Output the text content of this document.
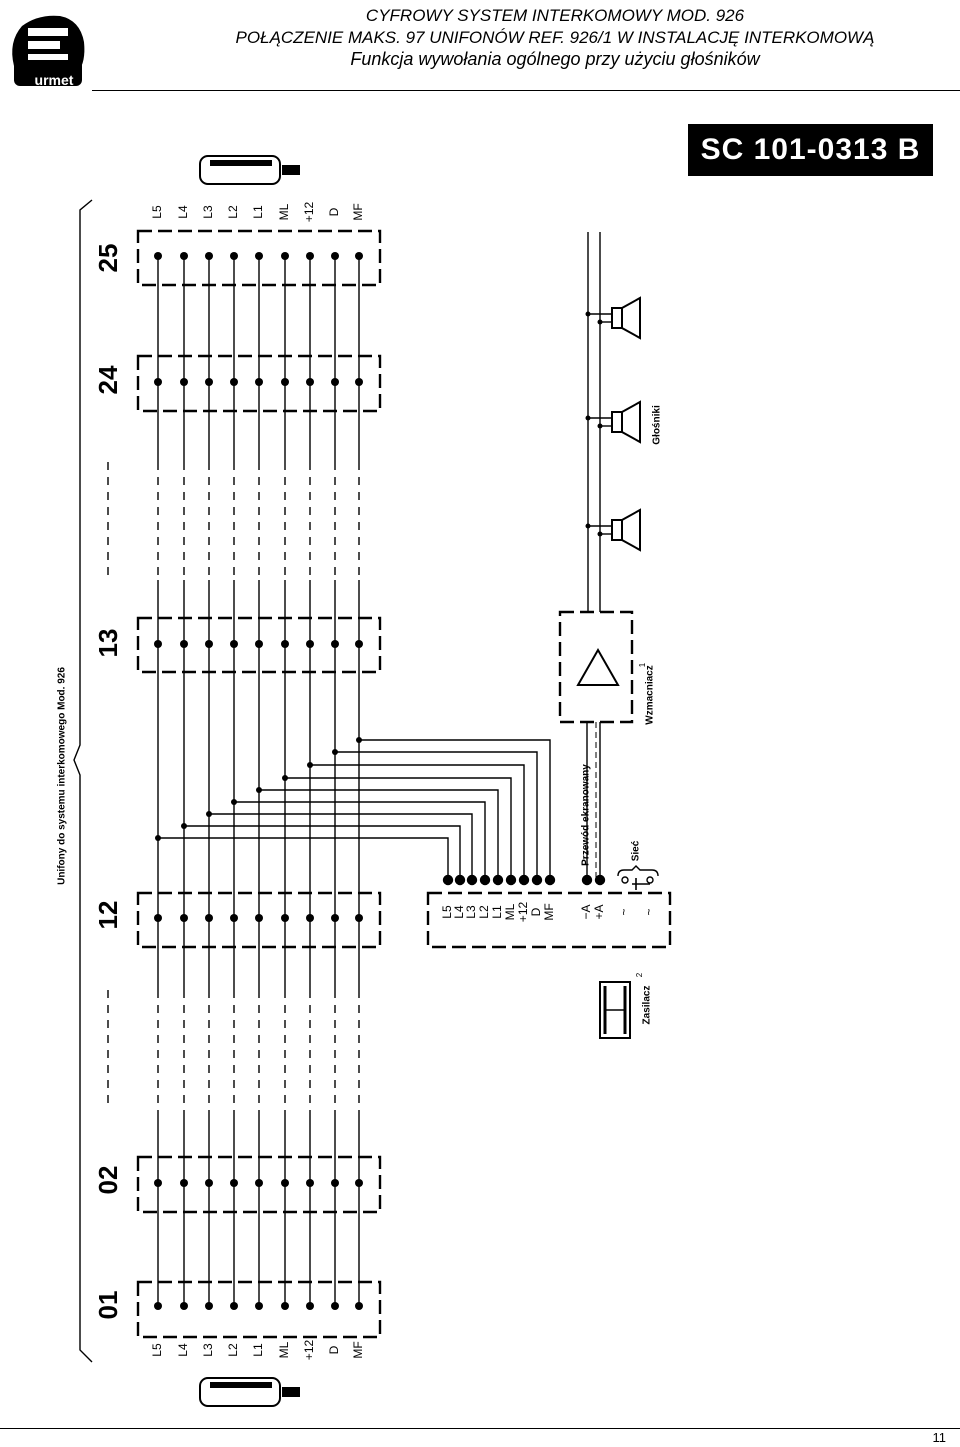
urmet
CYFROWY SYSTEM INTERKOMOWY MOD. 926
POŁĄCZENIE MAKS. 97 UNIFONÓW REF. 926/1 W INSTALACJĘ INTERKOMOWĄ
Funkcja wywołania ogólnego przy użyciu głośników
SC 101-0313 B
Unifony do systemu interkomowego Mod. 926
01
02
12
13
24
25
L5
L5
L4
L4
L3
L3
L2
L2
L1
L1
ML
ML
+12
+12
D
D
MF
MF
L5
L4
L3 L2 L1 ML +12 D MF −A +A ~ ~
Wzmacniacz
1
Przewód ekranowany	Sieć
Głośniki
Zasilacz
2
11
